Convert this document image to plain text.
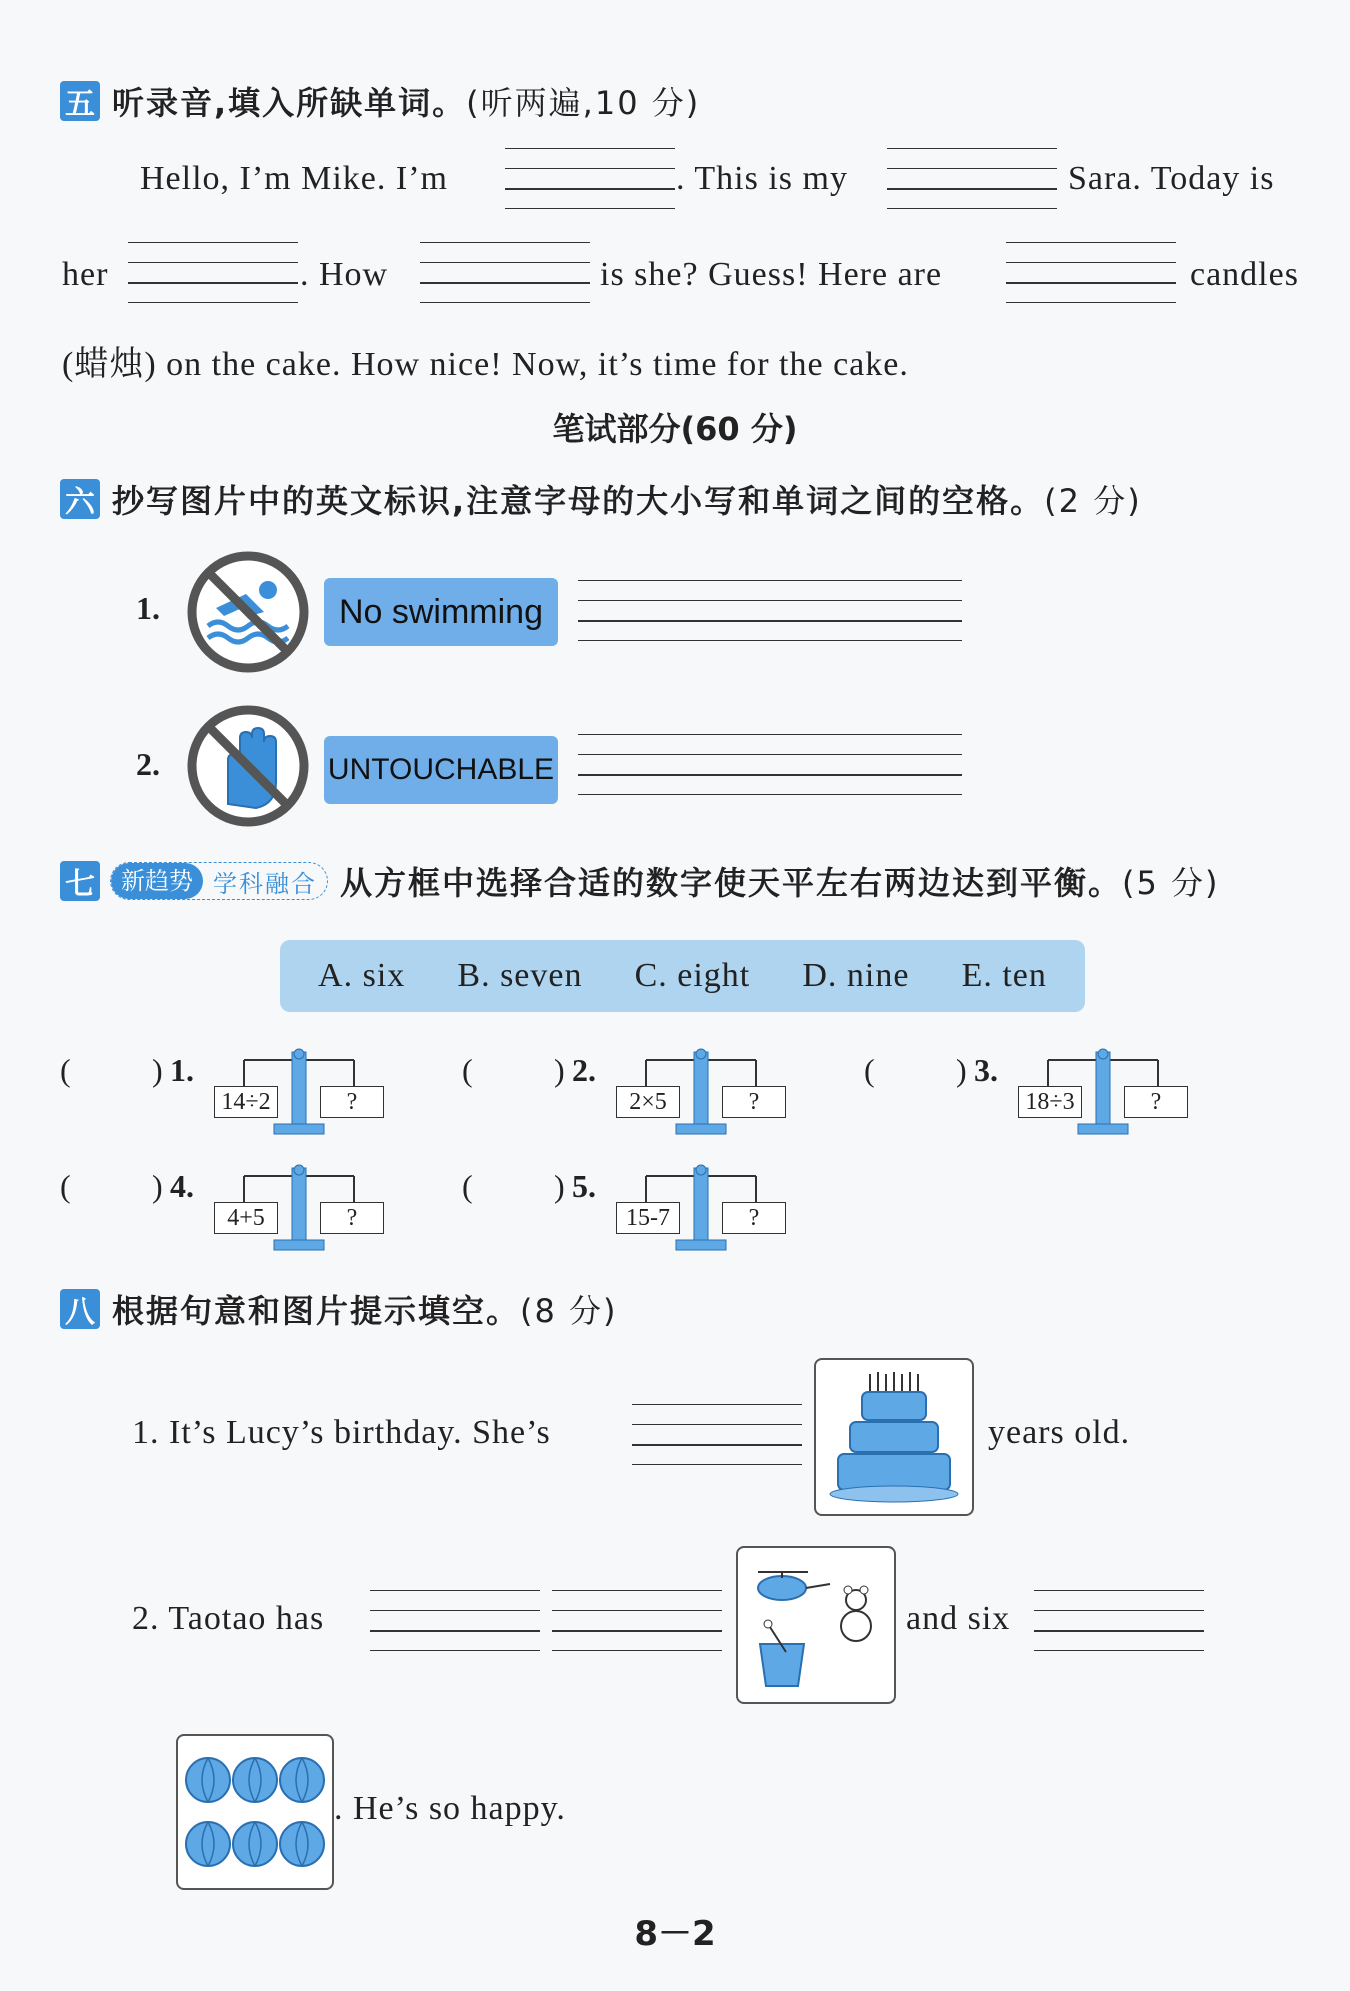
五 听录音,填入所缺单词。(听两遍,10 分)
Hello, I’m Mike. I’m	. This is my	Sara. Today is
her	. How	is she? Guess! Here are	candles
(蜡烛) on the cake. How nice! Now, it’s time for the cake.
笔试部分(60 分)
六 抄写图片中的英文标识,注意字母的大小写和单词之间的空格。(2 分)
1.	No swimming
2.	UNTOUCHABLE
七	新趋势 学科融合 从方框中选择合适的数字使天平左右两边达到平衡。(5 分)
A. six B. seven C. eight D. nine E. ten
(	) 1.
14÷2	?
(	) 2.
2×5	?
(	) 3.
18÷3	?
(	) 4.
4+5	?
(	) 5.
15-7	?
八 根据句意和图片提示填空。(8 分)
1. It’s Lucy’s birthday. She’s	years old.
2. Taotao has	and six
. He’s so happy.
8－2
